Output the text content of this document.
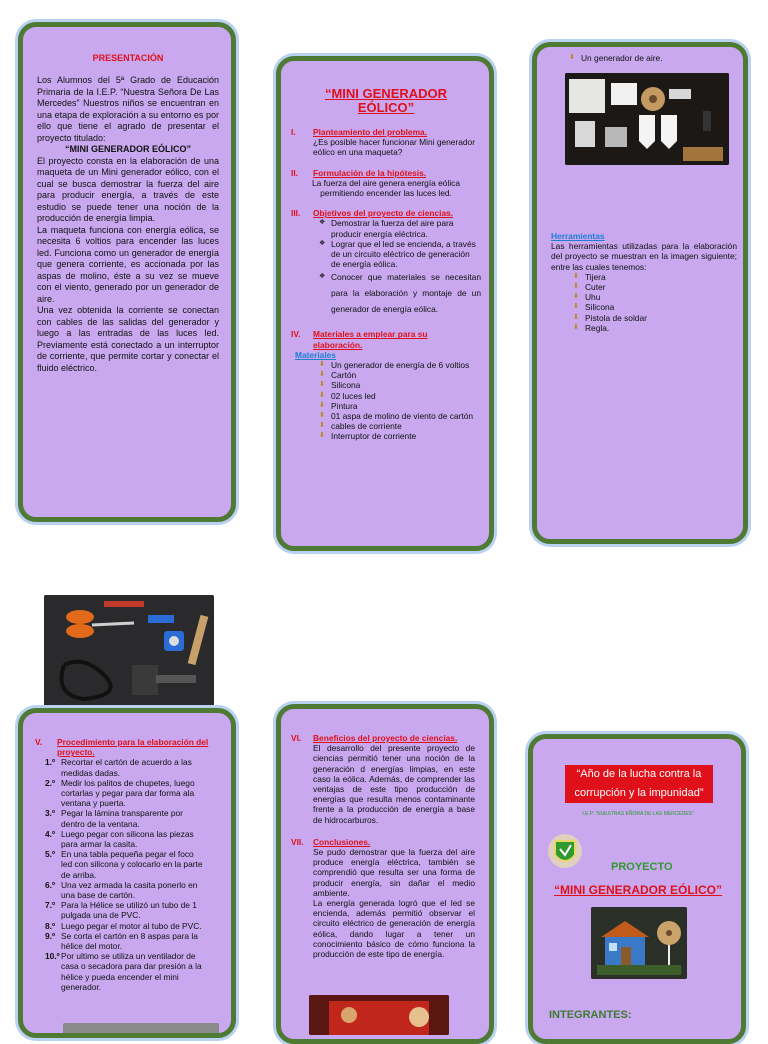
PRESENTACIÓN

Los Alumnos del 5ª Grado de Educación Primaria de la I.E.P. “Nuestra Señora De Las Mercedes” Nuestros niños se encuentran en una etapa de exploración a su entorno es por ello que tiene el agrado de presentar el proyecto titulado:

“MINI GENERADOR EÓLICO”

El proyecto consta en la elaboración de una maqueta de un Mini generador eólico, con el cual se busca demostrar la fuerza del aire para producir energía, a través de este estudio se puede tener una noción de la producción de energía limpia.

La maqueta funciona con energía eólica, se necesita 6 voltios para encender las luces led. Funciona como un generador de energía que genera corriente, es accionada por las aspas de molino, éste a su vez se mueve con el viento, generado por un generador de aire.

Una vez obtenida la corriente se conectan con cables de las salidas del generador y luego a las entradas de las luces led. Previamente está conectado a un interruptor de corriente, que permite cortar y conectar el fluido eléctrico.

“MINI GENERADOR EÓLICO”

I.	Planteamiento del problema.

¿Es posible hacer funcionar Mini generador eólico en una maqueta?

II.	Formulación de la hipótesis.

La fuerza del aire genera energía eólica permitiendo encender las luces led.

III.	Objetivos del proyecto de ciencias.

❖ Demostrar la fuerza del aire para producir energía eléctrica.
❖ Lograr que el led se encienda, a través de un circuito eléctrico de generación de energía eólica.
❖ Conocer que materiales se necesitan para la elaboración y montaje de un generador de energía eólica.
IV.	Materiales a emplear para su elaboración.

Materiales

⬇ Un generador de energía de 6 voltios
⬇ Cartón
⬇ Silicona
⬇ 02 luces led
⬇ Pintura
⬇ 01 aspa de molino de viento de cartón
⬇ cables de corriente
⬇ Interruptor de corriente
⬇ Un generador de aire.

Herramientas

Las herramientas utilizadas para la elaboración del proyecto se muestran en la imagen siguiente; entre las cuales tenemos:

⬇ Tijera
⬇ Cuter
⬇ Uhu
⬇ Silicona
⬇ Pistola de soldar
⬇ Regla.
V.	Procedimiento para la elaboración del proyecto.

1.º Recortar el cartón de acuerdo a las medidas dadas.
2.º Medir los palitos de chupetes, luego cortarlas y pegar para dar forma ala ventana y puerta.
3.º Pegar la lámina transparente por dentro de la ventana.
4.º Luego pegar con silicona las piezas para armar la casita.
5.º En una tabla pequeña pegar el foco led con silicona y colocarlo en la parte de arriba.
6.º Una vez armada la casita ponerlo en una base de cartón.
7.º Para la Hélice se utilizó un tubo de 1 pulgada una de PVC.
8.º Luego pegar el motor al tubo de PVC.
9.º Se corta el cartón en 8 aspas para la hélice del motor.
10.º Por ultimo se utiliza un ventilador de casa o secadora para dar presión a la hélice y pueda encender el mini generador.
VI.	Beneficios del proyecto de ciencias.

El desarrollo del presente proyecto de ciencias permitió tener una noción de la generación d energías limpias, en este caso la eólica. Además, de comprender las ventajas de este tipo producción de energías que resulta menos contaminante frente a la producción de energía a base de hidrocarburos.

VII.	Conclusiones.

Se pudo demostrar que la fuerza del aire produce energía eléctrica, también se comprendió que resulta ser una forma de producir energía, sin dañar el medio ambiente.

La energía generada logró que el led se encienda, además permitió observar el circuito eléctrico de generación de energía eólica, dando lugar a tener un conocimiento básico de cómo funciona la producción de este tipo de energía.

“Año de la lucha contra la

corrupción y la impunidad”

I.E.P. “NUESTRAS EÑORA DE LAS MERCEDES”

PROYECTO

“MINI GENERADOR EÓLICO”

INTEGRANTES:
